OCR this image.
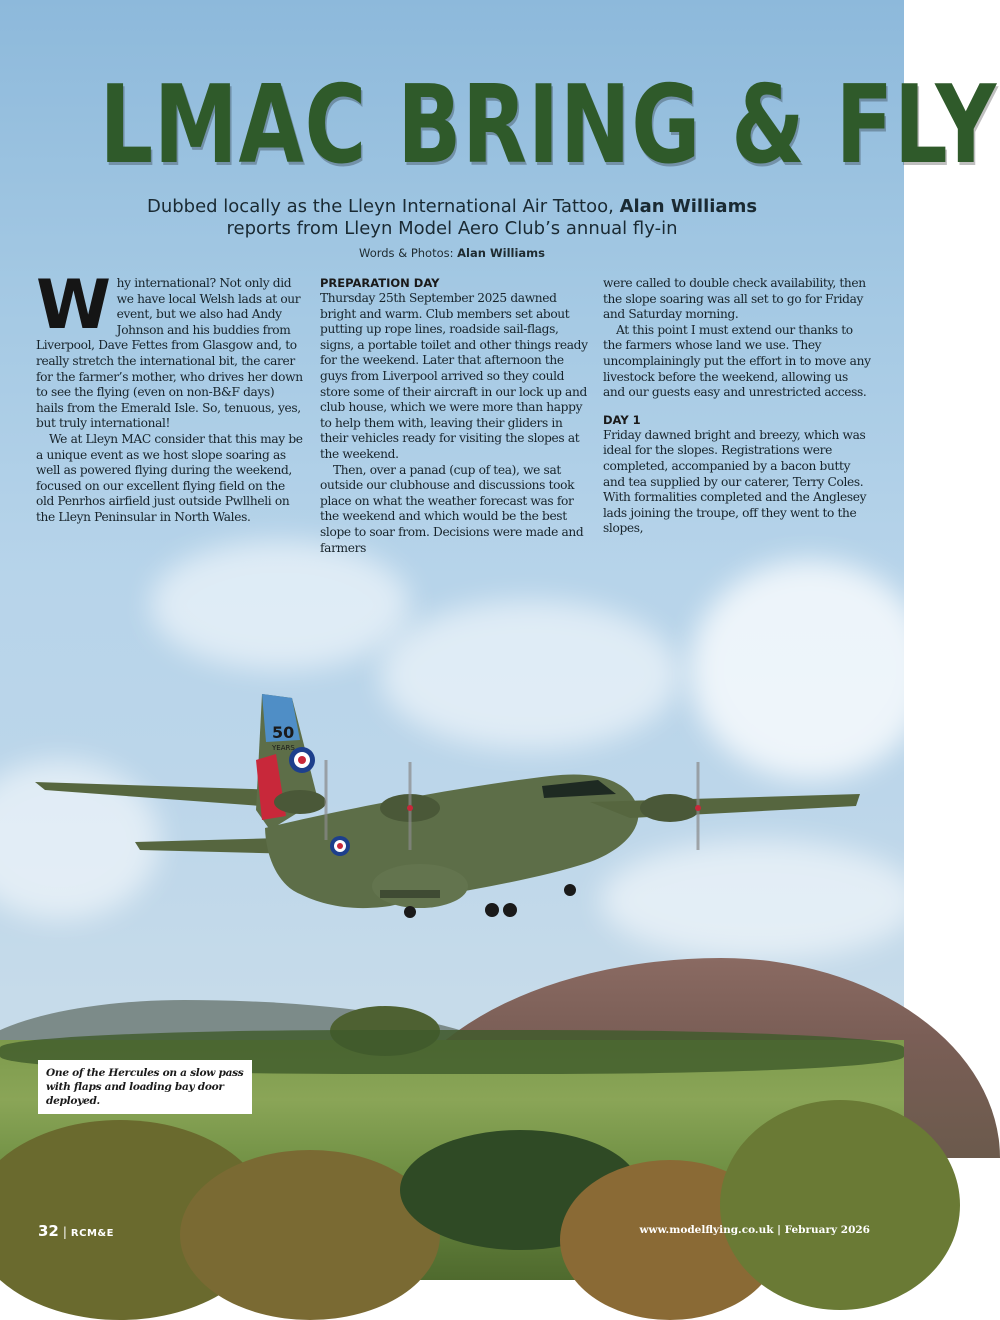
50
YEARS
LMAC BRING & FLY
Dubbed locally as the Lleyn International Air Tattoo, Alan Williams
reports from Lleyn Model Aero Club’s annual fly-in
Words & Photos: Alan Williams

Why international? Not only did we have local Welsh lads at our event, but we also had Andy Johnson and his buddies from Liverpool, Dave Fettes from Glasgow and, to really stretch the international bit, the carer for the farmer’s mother, who drives her down to see the flying (even on non-B&F days) hails from the Emerald Isle. So, tenuous, yes, but truly international!

We at Lleyn MAC consider that this may be a unique event as we host slope soaring as well as powered flying during the weekend, focused on our excellent flying field on the old Penrhos airfield just outside Pwllheli on the Lleyn Peninsular in North Wales.

PREPARATION DAY

Thursday 25th September 2025 dawned bright and warm. Club members set about putting up rope lines, roadside sail-flags, signs, a portable toilet and other things ready for the weekend. Later that afternoon the guys from Liverpool arrived so they could store some of their aircraft in our lock up and club house, which we were more than happy to help them with, leaving their gliders in their vehicles ready for visiting the slopes at the weekend.

Then, over a panad (cup of tea), we sat outside our clubhouse and discussions took place on what the weather forecast was for the weekend and which would be the best slope to soar from. Decisions were made and farmers

were called to double check availability, then the slope soaring was all set to go for Friday and Saturday morning.

At this point I must extend our thanks to the farmers whose land we use. They uncomplainingly put the effort in to move any livestock before the weekend, allowing us and our guests easy and unrestricted access.

DAY 1

Friday dawned bright and breezy, which was ideal for the slopes. Registrations were completed, accompanied by a bacon butty and tea supplied by our caterer, Terry Coles. With formalities completed and the Anglesey lads joining the troupe, off they went to the slopes,

One of the Hercules on a slow pass with flaps and loading bay door deployed.
32 | RCM&E	www.modelflying.co.uk | February 2026
